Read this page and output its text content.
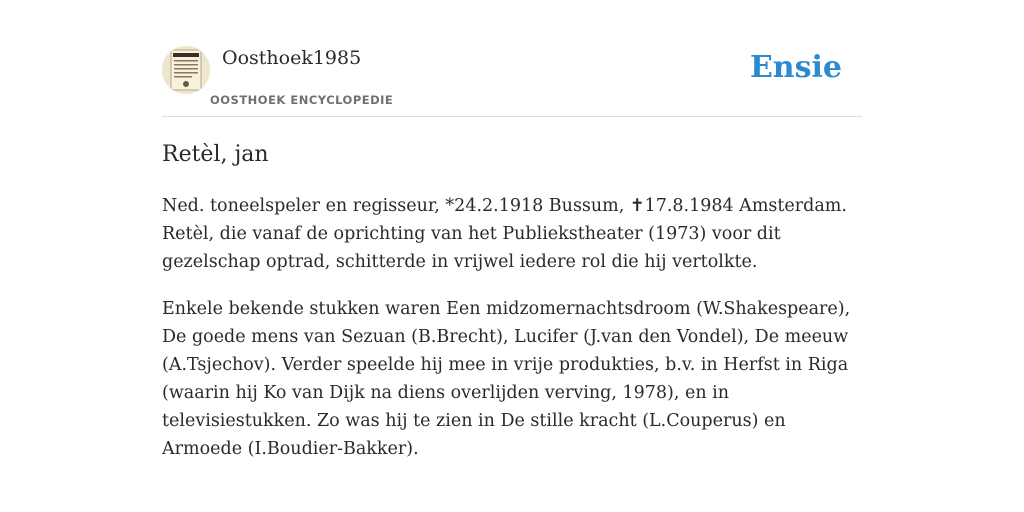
Oosthoek1985
OOSTHOEK ENCYCLOPEDIE
Ensie
Retèl, jan

Ned. toneelspeler en regisseur, *24.2.1918 Bussum, ✝17.8.1984 Amsterdam. Retèl, die vanaf de oprichting van het Publiekstheater (1973) voor dit gezelschap optrad, schitterde in vrijwel iedere rol die hij vertolkte.

Enkele bekende stukken waren Een midzomernachtsdroom (W.Shakespeare), De goede mens van Sezuan (B.Brecht), Lucifer (J.van den Vondel), De meeuw (A.Tsjechov). Verder speelde hij mee in vrije produkties, b.v. in Herfst in Riga (waarin hij Ko van Dijk na diens overlijden verving, 1978), en in televisiestukken. Zo was hij te zien in De stille kracht (L.Couperus) en Armoede (I.Boudier-Bakker).
